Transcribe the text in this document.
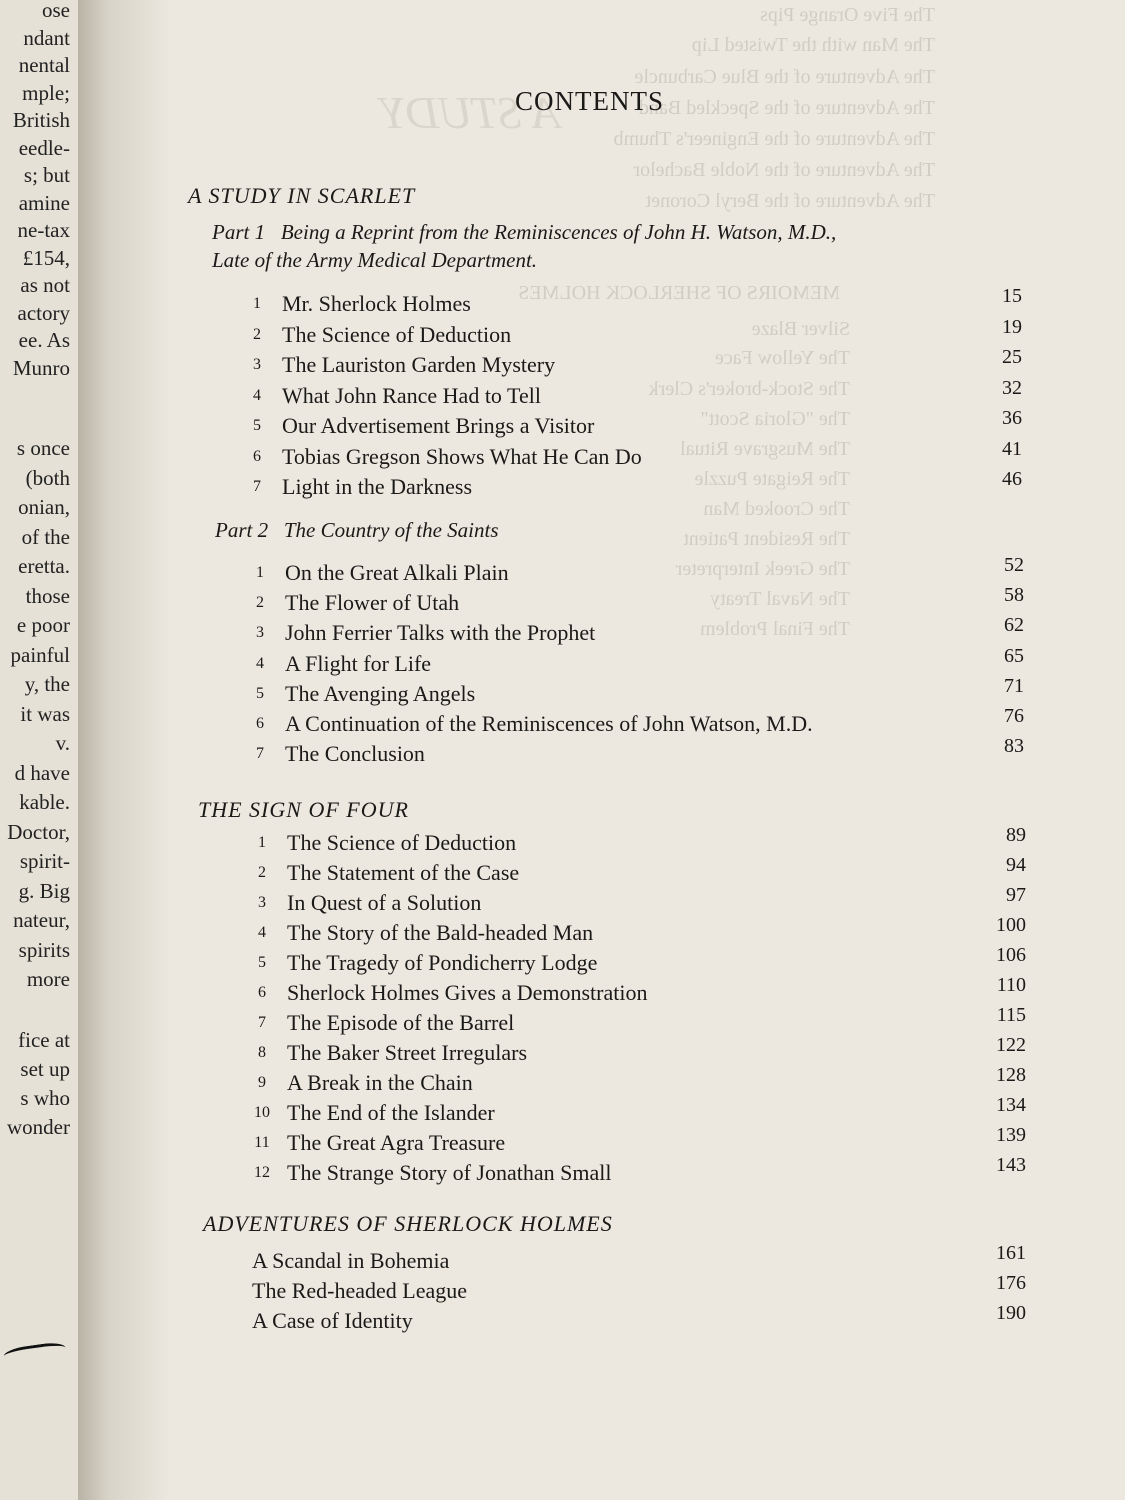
ose
ndant
nental
mple;
British
eedle-
s; but
amine
ne-tax
£154,
as not
actory
ee. As
Munro
s once
(both
onian,
of the
eretta.
those
e poor
painful
y, the
it was
v.
d have
kable.
Doctor,
spirit-
g. Big
nateur,
spirits
more
fice at
set up
s who
wonder
The Five Orange Pips
The Man with the Twisted Lip
The Adventure of the Blue Carbuncle
The Adventure of the Speckled Band
The Adventure of the Engineer's Thumb
The Adventure of the Noble Bachelor
The Adventure of the Beryl Coronet
MEMOIRS OF SHERLOCK HOLMES
Silver Blaze
The Yellow Face
The Stock-broker's Clerk
The "Gloria Scott"
The Musgrave Ritual
The Reigate Puzzle
The Crooked Man
The Resident Patient
The Greek Interpreter
The Naval Treaty
The Final Problem
A STUDY
CONTENTS
A STUDY IN SCARLET
Part 1 Being a Reprint from the Reminiscences of John H. Watson, M.D.,
Late of the Army Medical Department.
1 Mr. Sherlock Holmes	15
2 The Science of Deduction	19
3 The Lauriston Garden Mystery	25
4 What John Rance Had to Tell	32
5 Our Advertisement Brings a Visitor	36
6 Tobias Gregson Shows What He Can Do	41
7 Light in the Darkness	46
Part 2 The Country of the Saints
1 On the Great Alkali Plain	52
2 The Flower of Utah	58
3 John Ferrier Talks with the Prophet	62
4 A Flight for Life	65
5 The Avenging Angels	71
6 A Continuation of the Reminiscences of John Watson, M.D.	76
7 The Conclusion	83
THE SIGN OF FOUR
1 The Science of Deduction	89
2 The Statement of the Case	94
3 In Quest of a Solution	97
4 The Story of the Bald-headed Man	100
5 The Tragedy of Pondicherry Lodge	106
6 Sherlock Holmes Gives a Demonstration	110
7 The Episode of the Barrel	115
8 The Baker Street Irregulars	122
9 A Break in the Chain	128
10 The End of the Islander	134
11 The Great Agra Treasure	139
12 The Strange Story of Jonathan Small	143
ADVENTURES OF SHERLOCK HOLMES
A Scandal in Bohemia	161
The Red-headed League	176
A Case of Identity	190
